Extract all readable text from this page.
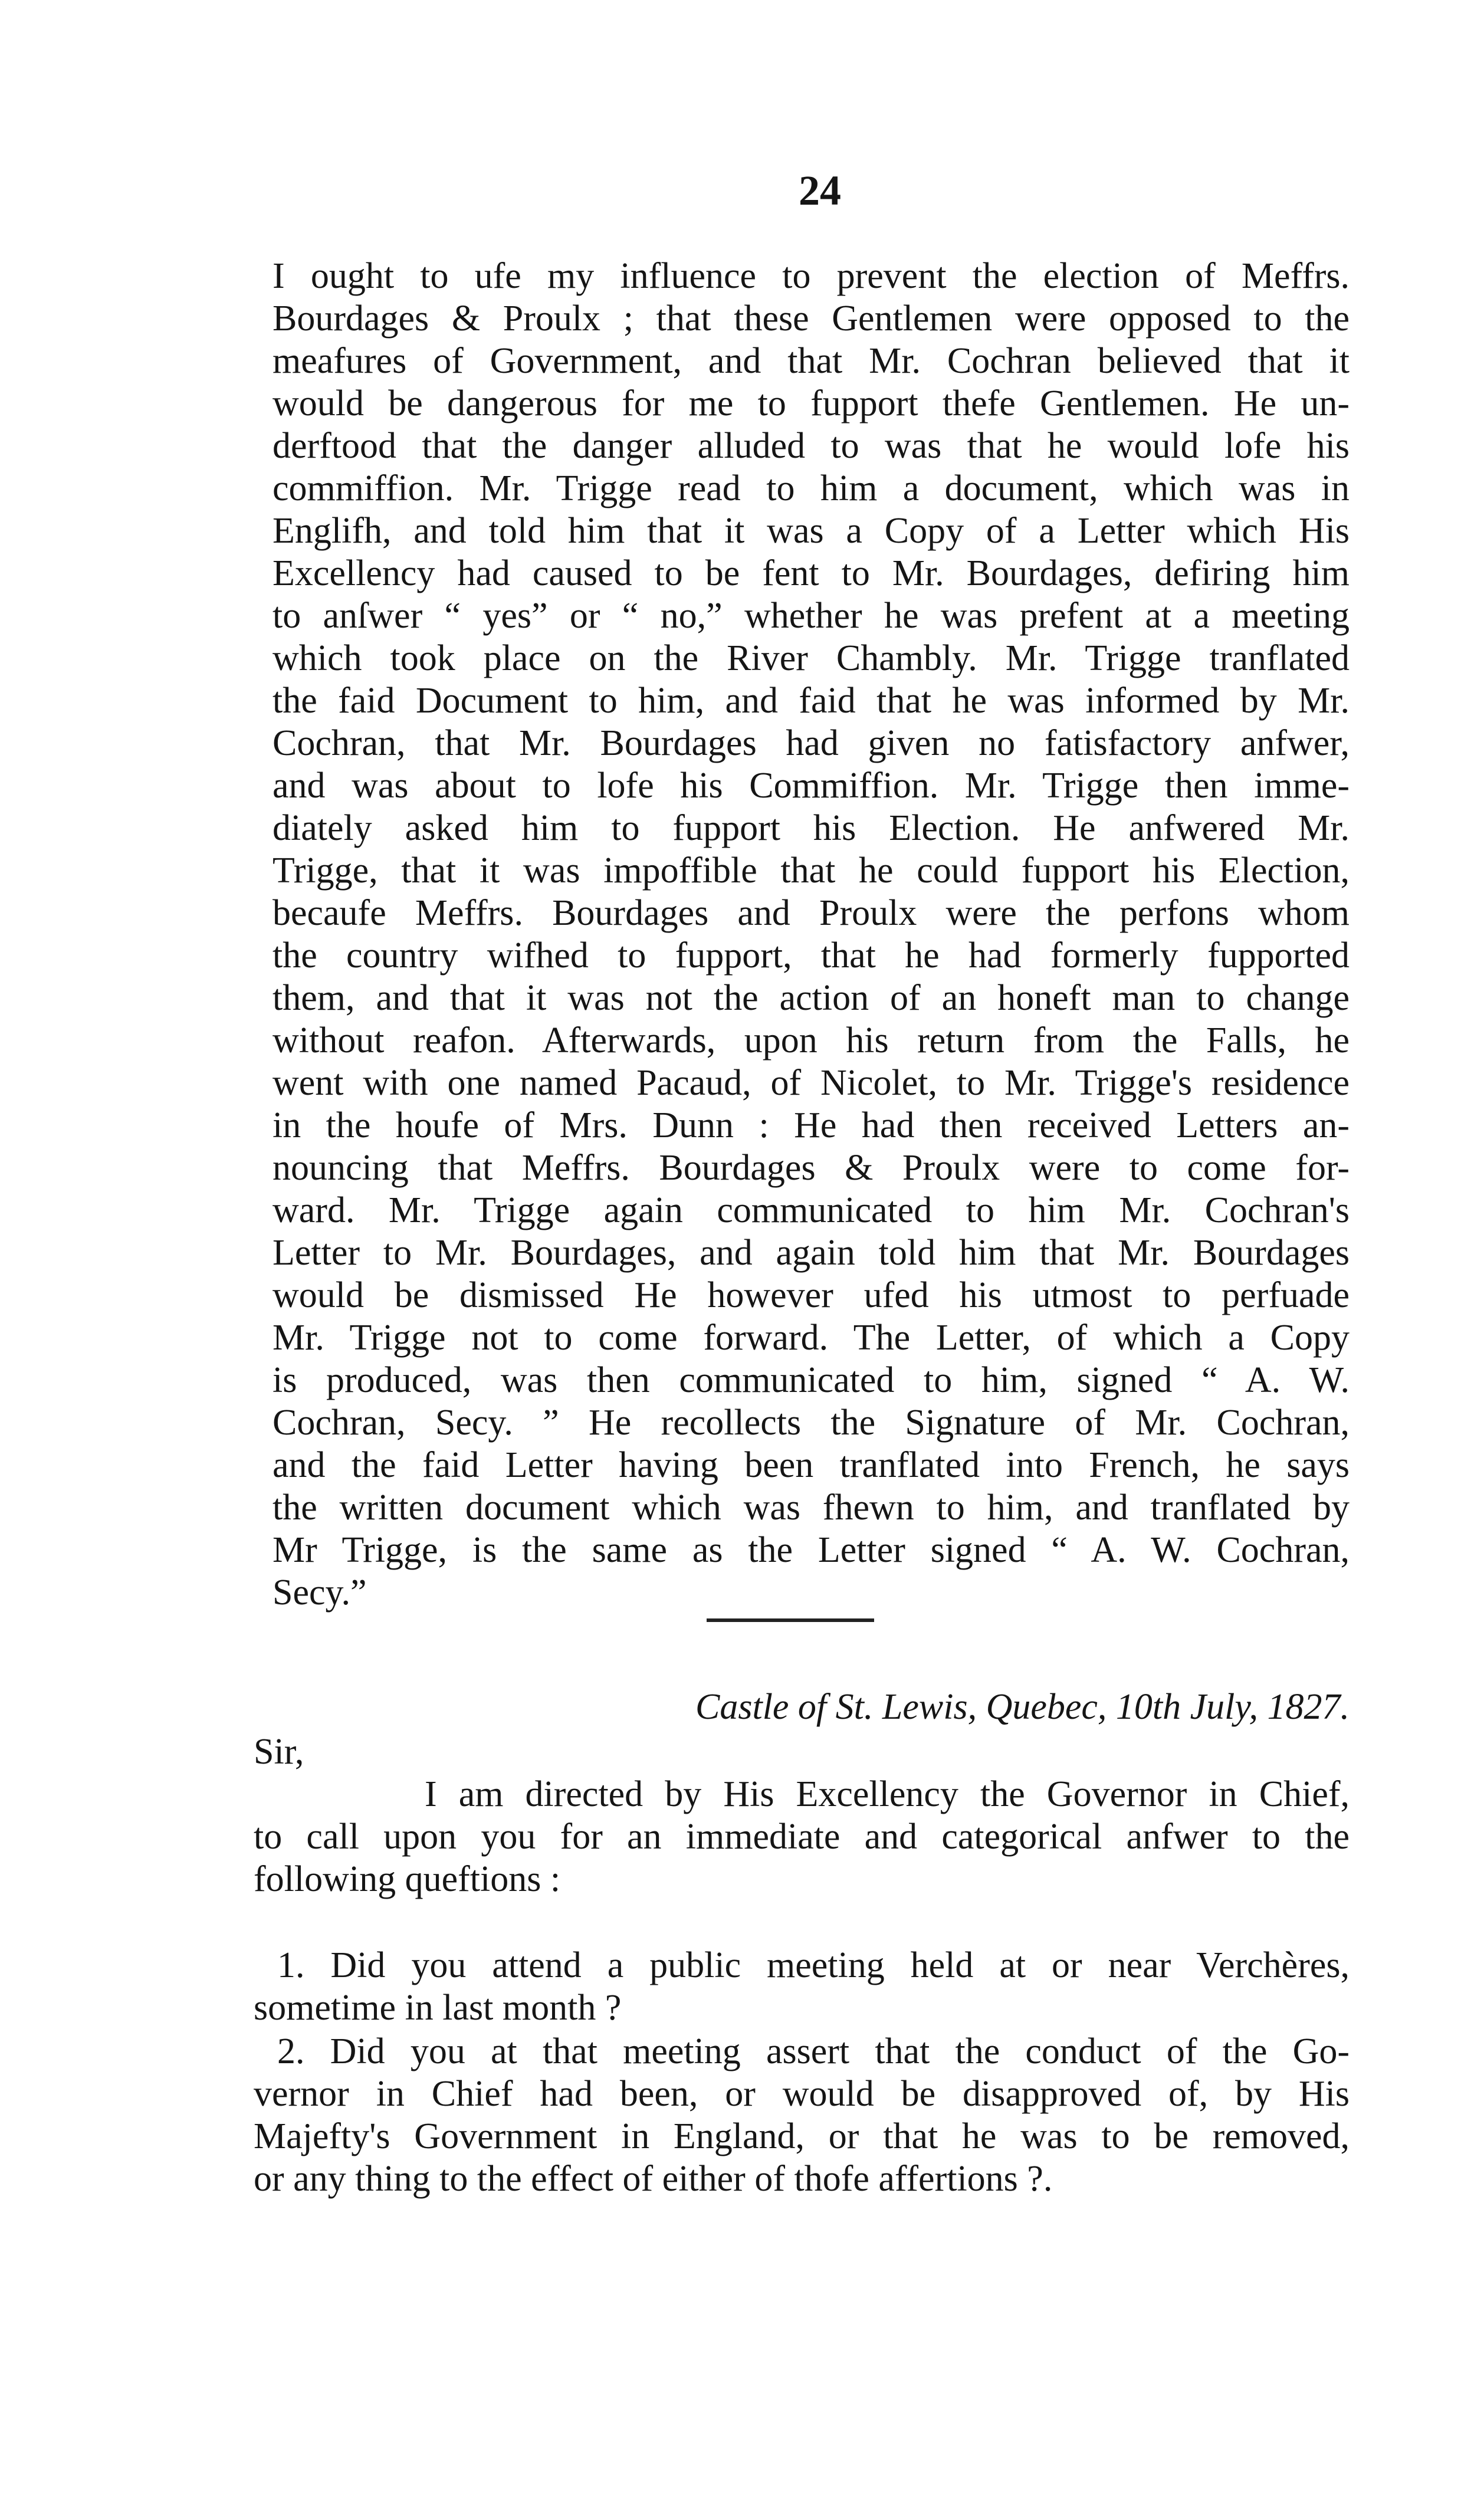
24
I ought to ufe my influence to prevent the election of Meffrs.
Bourdages & Proulx ; that these Gentlemen were opposed to the
meafures of Government, and that Mr. Cochran believed that it
would be dangerous for me to fupport thefe Gentlemen. He un-
derftood that the danger alluded to was that he would lofe his
commiffion. Mr. Trigge read to him a document, which was in
Englifh, and told him that it was a Copy of a Letter which His
Excellency had caused to be fent to Mr. Bourdages, defiring him
to anſwer “ yes” or “ no,” whether he was prefent at a meeting
which took place on the River Chambly. Mr. Trigge tranflated
the faid Document to him, and faid that he was informed by Mr.
Cochran, that Mr. Bourdages had given no fatisfactory anfwer,
and was about to lofe his Commiffion. Mr. Trigge then imme-
diately asked him to fupport his Election. He anfwered Mr.
Trigge, that it was impoffible that he could fupport his Election,
becaufe Meffrs. Bourdages and Proulx were the perfons whom
the country wifhed to fupport, that he had formerly fupported
them, and that it was not the action of an honeft man to change
without reafon. Afterwards, upon his return from the Falls, he
went with one named Pacaud, of Nicolet, to Mr. Trigge's residence
in the houfe of Mrs. Dunn : He had then received Letters an-
nouncing that Meffrs. Bourdages & Proulx were to come for-
ward. Mr. Trigge again communicated to him Mr. Cochran's
Letter to Mr. Bourdages, and again told him that Mr. Bourdages
would be dismissed He however ufed his utmost to perfuade
Mr. Trigge not to come forward. The Letter, of which a Copy
is produced, was then communicated to him, signed “ A. W.
Cochran, Secy. ” He recollects the Signature of Mr. Cochran,
and the faid Letter having been tranflated into French, he says
the written document which was fhewn to him, and tranflated by
Mr Trigge, is the same as the Letter signed “ A. W. Cochran,
Secy.”
Castle of St. Lewis, Quebec, 10th July, 1827.
Sir,
I am directed by His Excellency the Governor in Chief,
to call upon you for an immediate and categorical anfwer to the
following queftions :
1. Did you attend a public meeting held at or near Verchères,
sometime in last month ?
2. Did you at that meeting assert that the conduct of the Go-
vernor in Chief had been, or would be disapproved of, by His
Majefty's Government in England, or that he was to be removed,
or any thing to the effect of either of thofe affertions ?.
